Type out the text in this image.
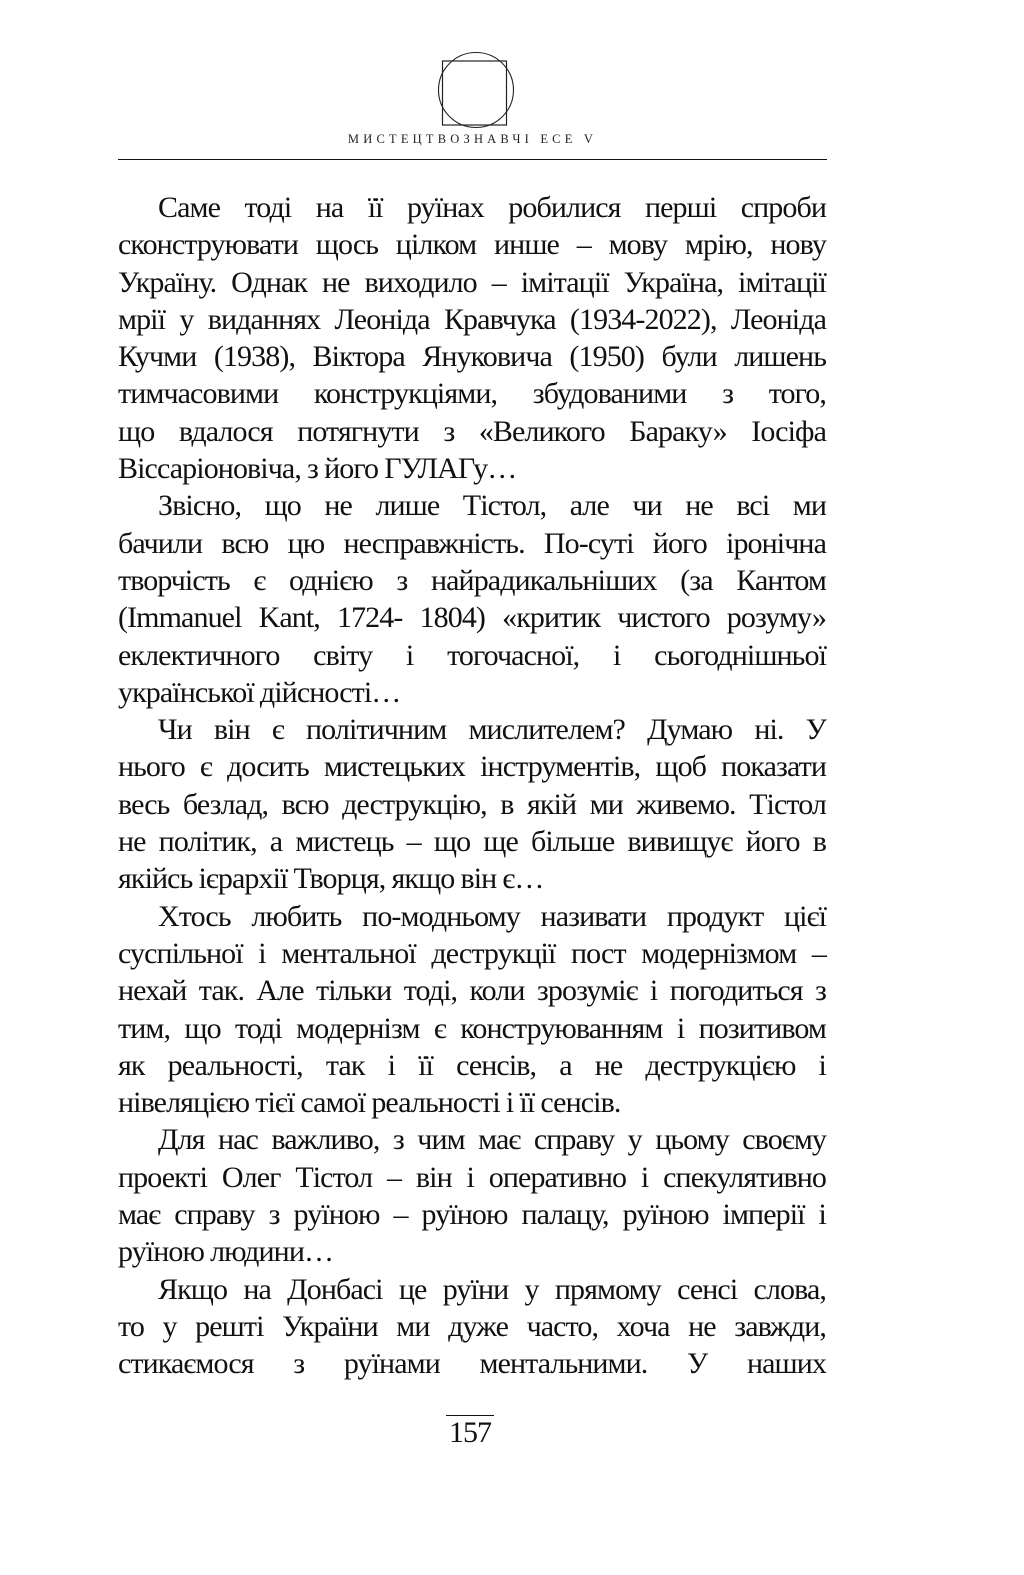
МИСТЕЦТВОЗНАВЧІ ЕСЕ V
Саме тоді на її руїнах робилися перші спроби
сконструювати щось цілком инше – мову мрію, нову
Україну. Однак не виходило – імітації Україна, імітації
мрії у виданнях Леоніда Кравчука (1934-2022), Леоніда
Кучми (1938), Віктора Януковича (1950) були лишень
тимчасовими конструкціями, збудованими з того,
що вдалося потягнути з «Великого Бараку» Іосіфа
Віссаріоновіча, з його ГУЛАГу…
Звісно, що не лише Тістол, але чи не всі ми
бачили всю цю несправжність. По-суті його іронічна
творчість є однією з найрадикальніших (за Кантом
(Immanuel Kant, 1724- 1804) «критик чистого розуму»
еклектичного світу і тогочасної, і сьогоднішньої
української дійсності…
Чи він є політичним мислителем? Думаю ні. У
нього є досить мистецьких інструментів, щоб показати
весь безлад, всю деструкцію, в якій ми живемо. Тістол
не політик, а мистець – що ще більше вивищує його в
якійсь ієрархії Творця, якщо він є…
Хтось любить по-модньому називати продукт цієї
суспільної і ментальної деструкції пост модернізмом –
нехай так. Але тільки тоді, коли зрозуміє і погодиться з
тим, що тоді модернізм є конструюванням і позитивом
як реальності, так і її сенсів, а не деструкцією і
нівеляцією тієї самої реальності і її сенсів.
Для нас важливо, з чим має справу у цьому своєму
проекті Олег Тістол – він і оперативно і спекулятивно
має справу з руїною – руїною палацу, руїною імперії і
руїною людини…
Якщо на Донбасі це руїни у прямому сенсі слова,
то у решті України ми дуже часто, хоча не завжди,
стикаємося з руїнами ментальними. У наших
157
